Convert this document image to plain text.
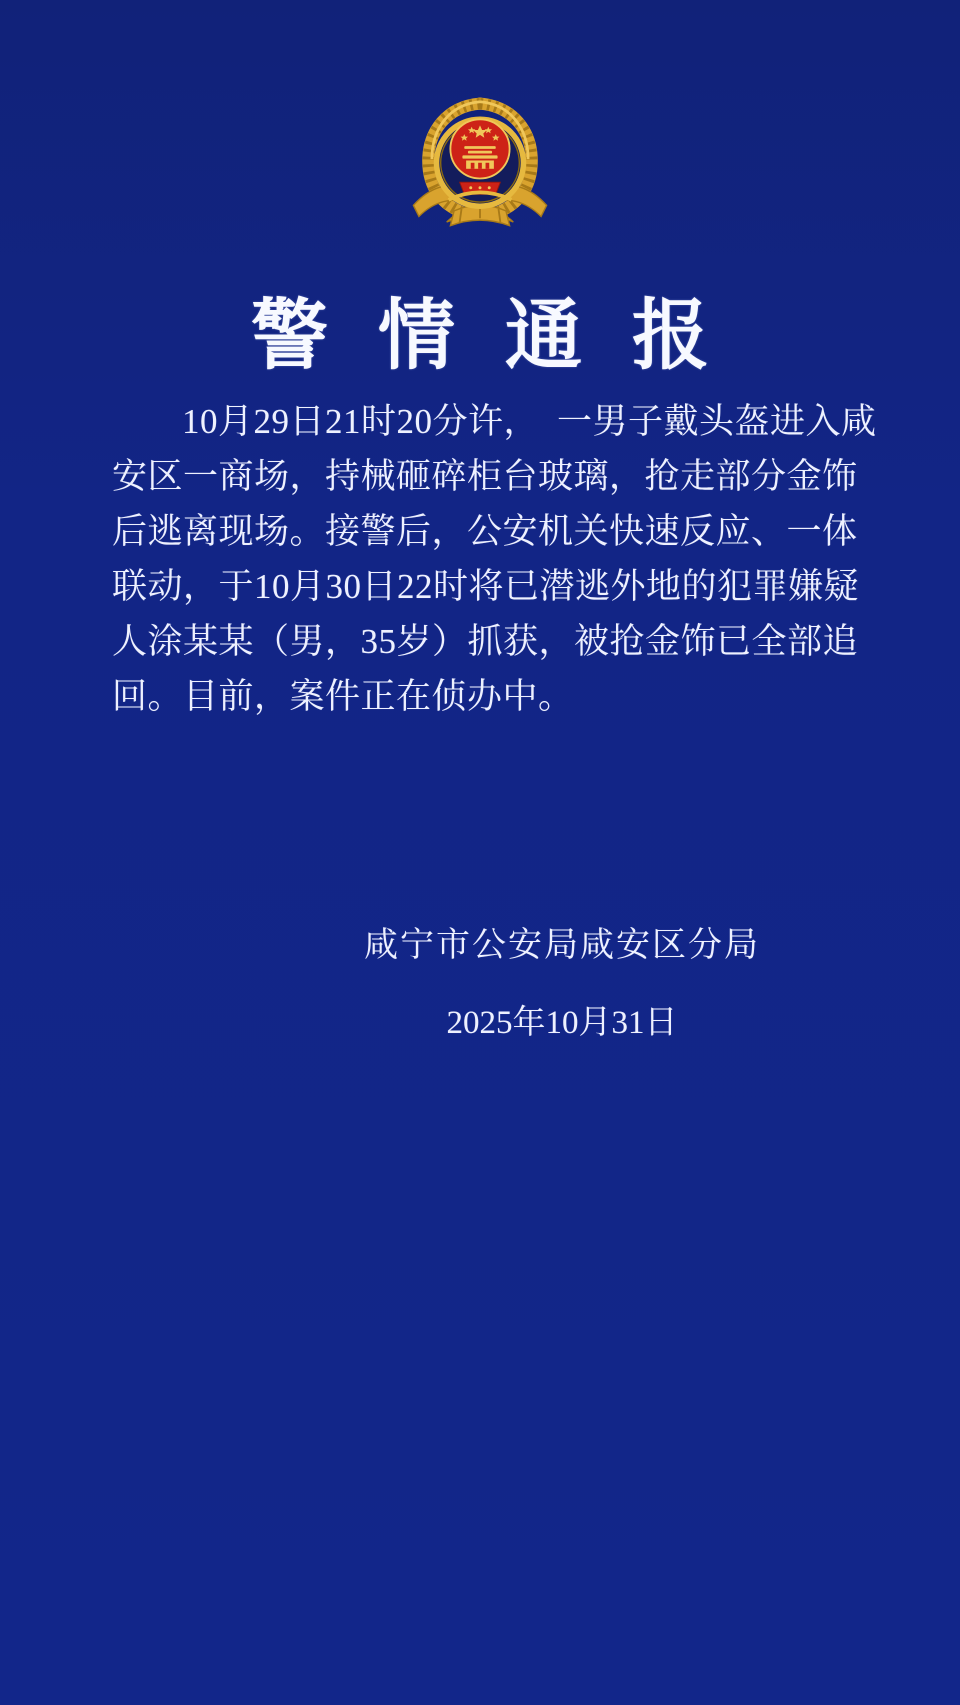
警情通报
10月29日21时20分许，　一男子戴头盔进入咸
安区一商场，持械砸碎柜台玻璃，抢走部分金饰
后逃离现场。接警后，公安机关快速反应、一体
联动，于10月30日22时将已潜逃外地的犯罪嫌疑
人涂某某（男，35岁）抓获，被抢金饰已全部追
回。目前，案件正在侦办中。
咸宁市公安局咸安区分局
2025年10月31日
